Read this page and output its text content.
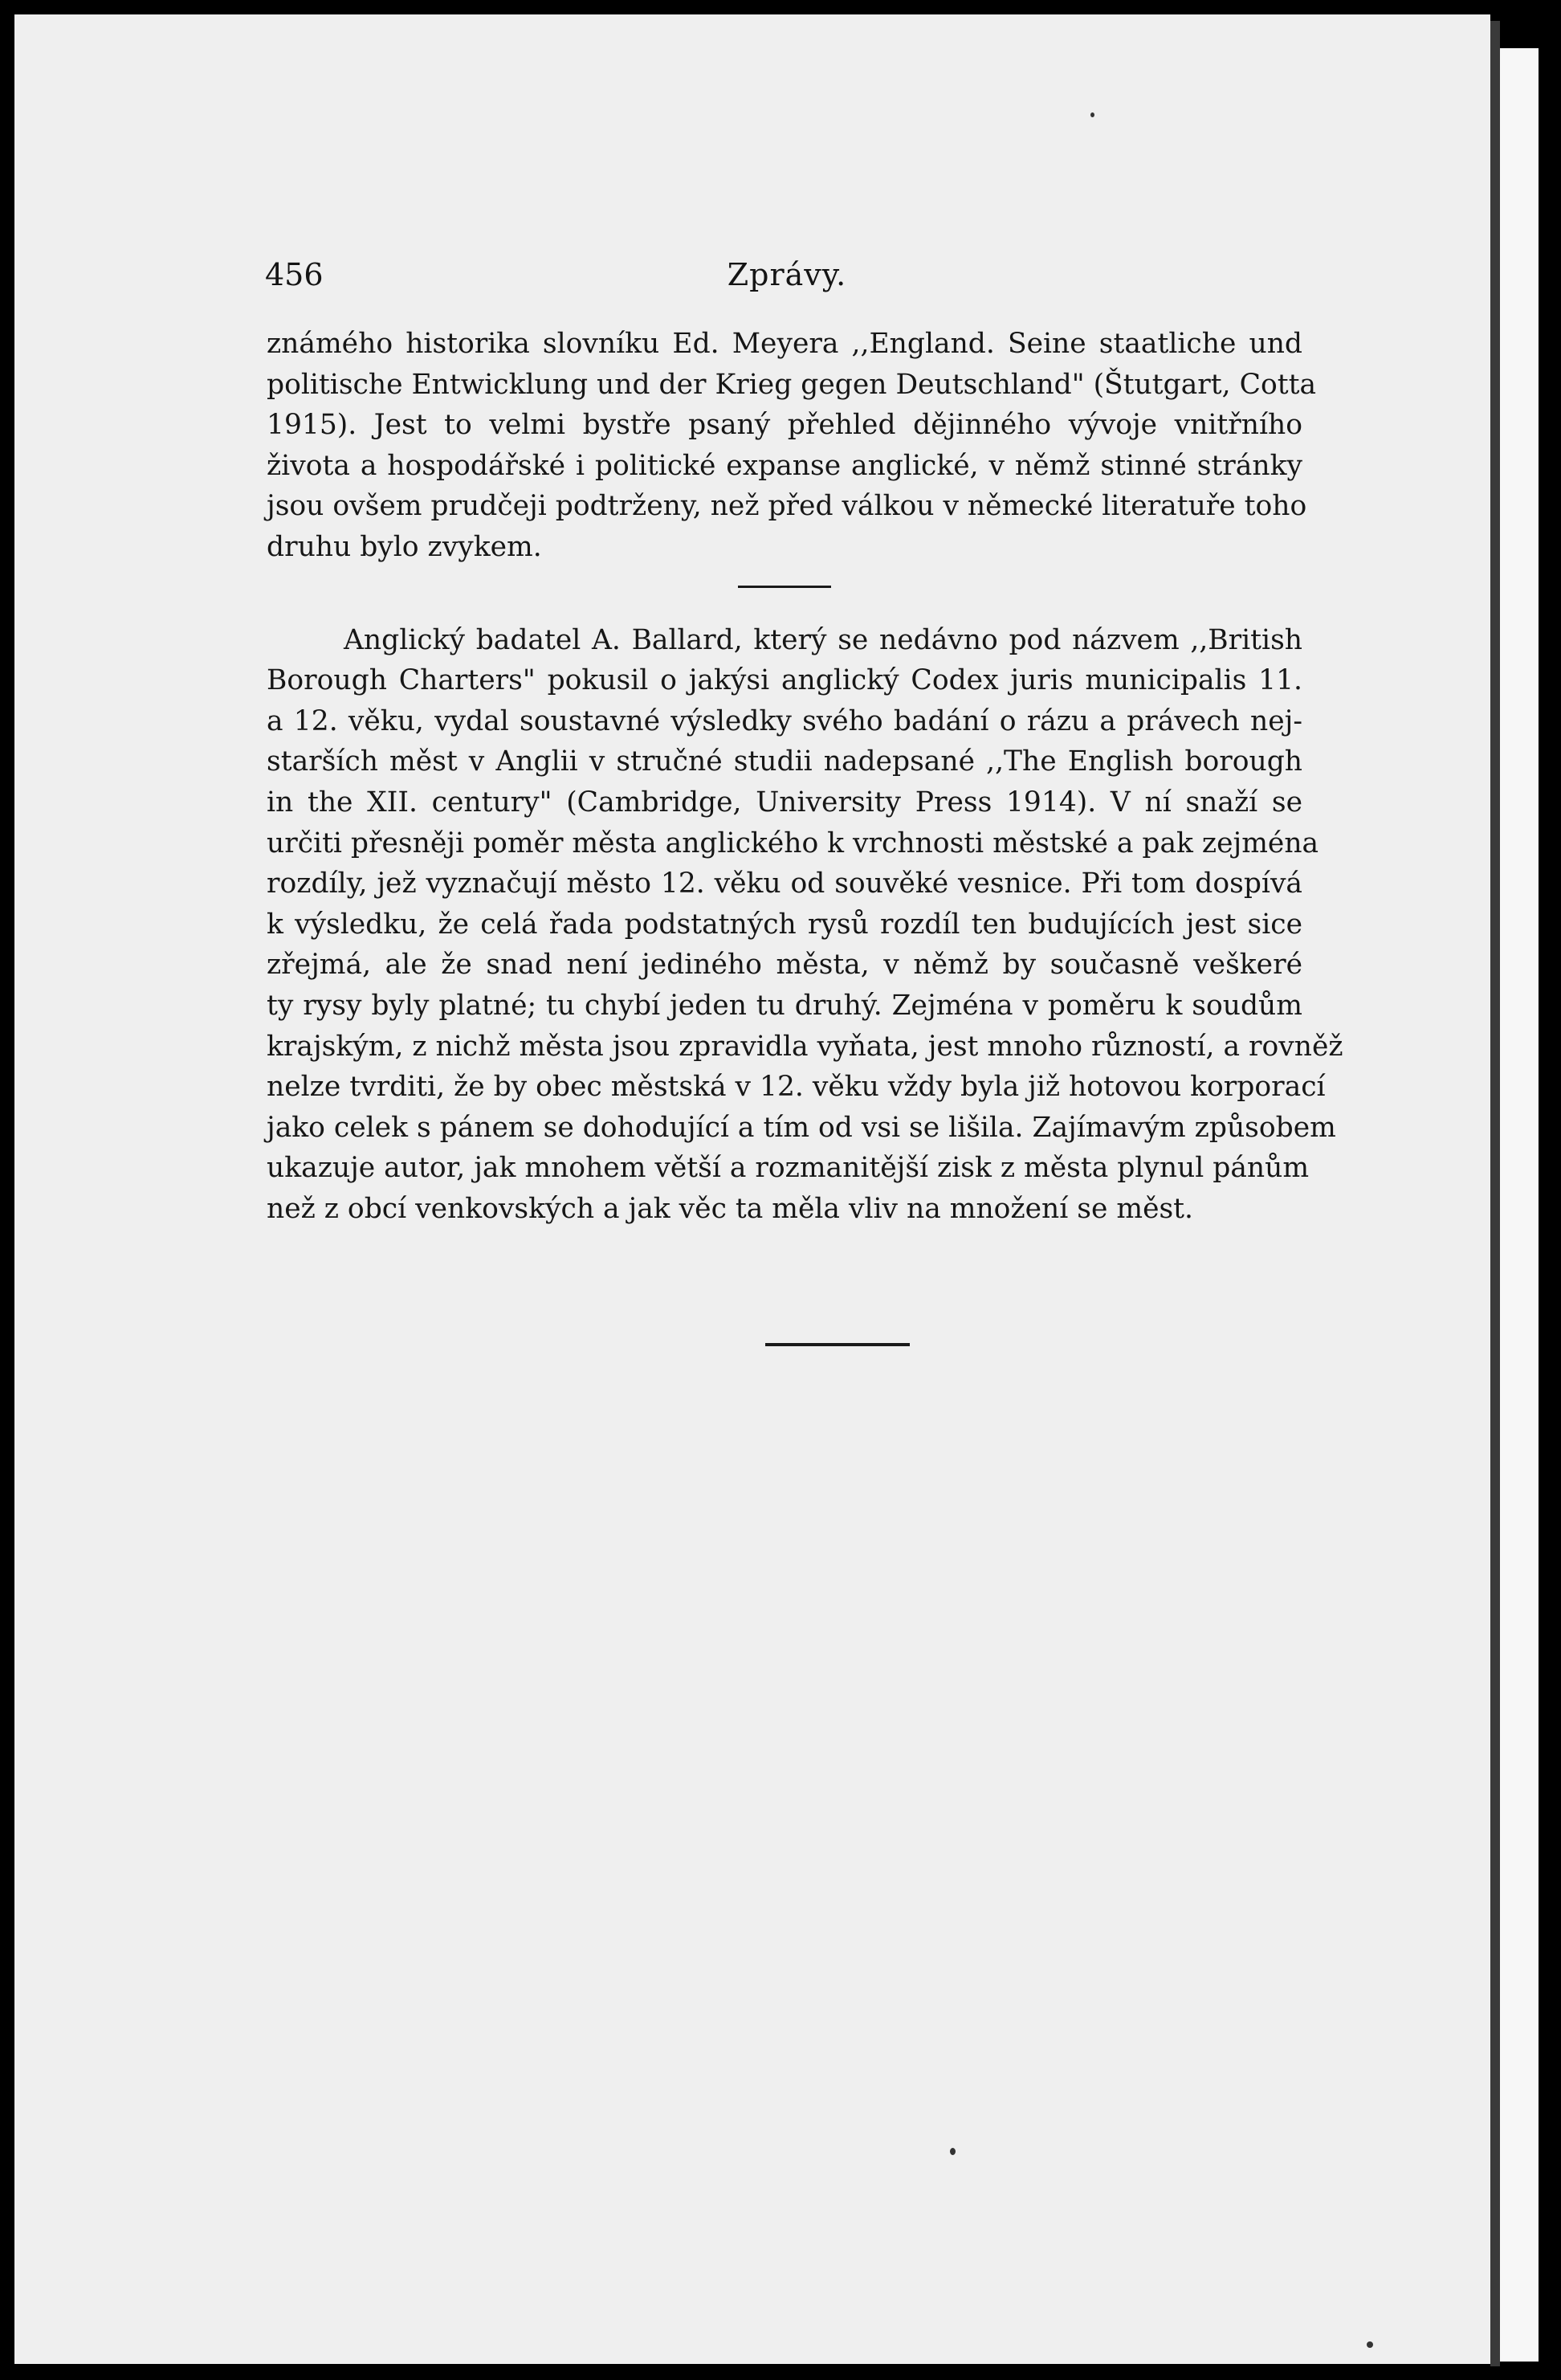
456	Zprávy.
známého historika slovníku Ed. Meyera ,,England. Seine staatliche und
politische Entwicklung und der Krieg gegen Deutschland" (Štutgart, Cotta
1915). Jest to velmi bystře psaný přehled dějinného vývoje vnitřního
života a hospodářské i politické expanse anglické, v němž stinné stránky
jsou ovšem prudčeji podtrženy, než před válkou v německé literatuře toho
druhu bylo zvykem.
Anglický badatel A. Ballard, který se nedávno pod názvem ,,British
Borough Charters" pokusil o jakýsi anglický Codex juris municipalis 11.
a 12. věku, vydal soustavné výsledky svého badání o rázu a právech nej-
starších měst v Anglii v stručné studii nadepsané ,,The English borough
in the XII. century" (Cambridge, University Press 1914). V ní snaží se
určiti přesněji poměr města anglického k vrchnosti městské a pak zejména
rozdíly, jež vyznačují město 12. věku od souvěké vesnice. Při tom dospívá
k výsledku, že celá řada podstatných rysů rozdíl ten budujících jest sice
zřejmá, ale že snad není jediného města, v němž by současně veškeré
ty rysy byly platné; tu chybí jeden tu druhý. Zejména v poměru k soudům
krajským, z nichž města jsou zpravidla vyňata, jest mnoho růzností, a rovněž
nelze tvrditi, že by obec městská v 12. věku vždy byla již hotovou korporací
jako celek s pánem se dohodující a tím od vsi se lišila. Zajímavým způsobem
ukazuje autor, jak mnohem větší a rozmanitější zisk z města plynul pánům
než z obcí venkovských a jak věc ta měla vliv na množení se měst.
